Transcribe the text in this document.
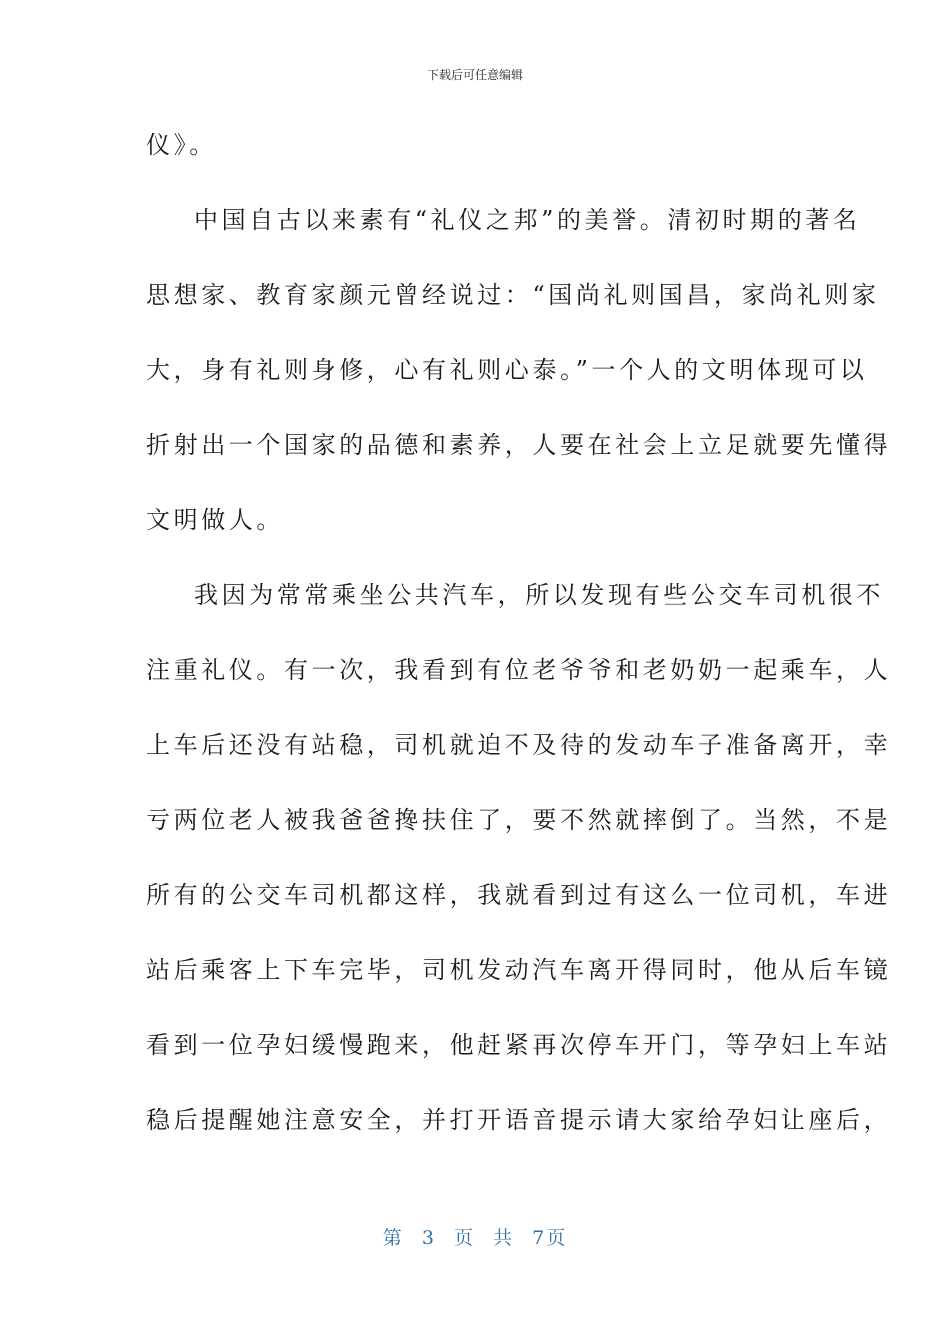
下载后可任意编辑
仪》。
中国自古以来素有“礼仪之邦”的美誉。清初时期的著名
思想家、教育家颜元曾经说过：“国尚礼则国昌，家尚礼则家
大，身有礼则身修，心有礼则心泰。”一个人的文明体现可以
折射出一个国家的品德和素养，人要在社会上立足就要先懂得
文明做人。
我因为常常乘坐公共汽车，所以发现有些公交车司机很不
注重礼仪。有一次，我看到有位老爷爷和老奶奶一起乘车，人
上车后还没有站稳，司机就迫不及待的发动车子准备离开，幸
亏两位老人被我爸爸搀扶住了，要不然就摔倒了。当然，不是
所有的公交车司机都这样，我就看到过有这么一位司机，车进
站后乘客上下车完毕，司机发动汽车离开得同时，他从后车镜
看到一位孕妇缓慢跑来，他赶紧再次停车开门，等孕妇上车站
稳后提醒她注意安全，并打开语音提示请大家给孕妇让座后，
第 3 页 共 7页
